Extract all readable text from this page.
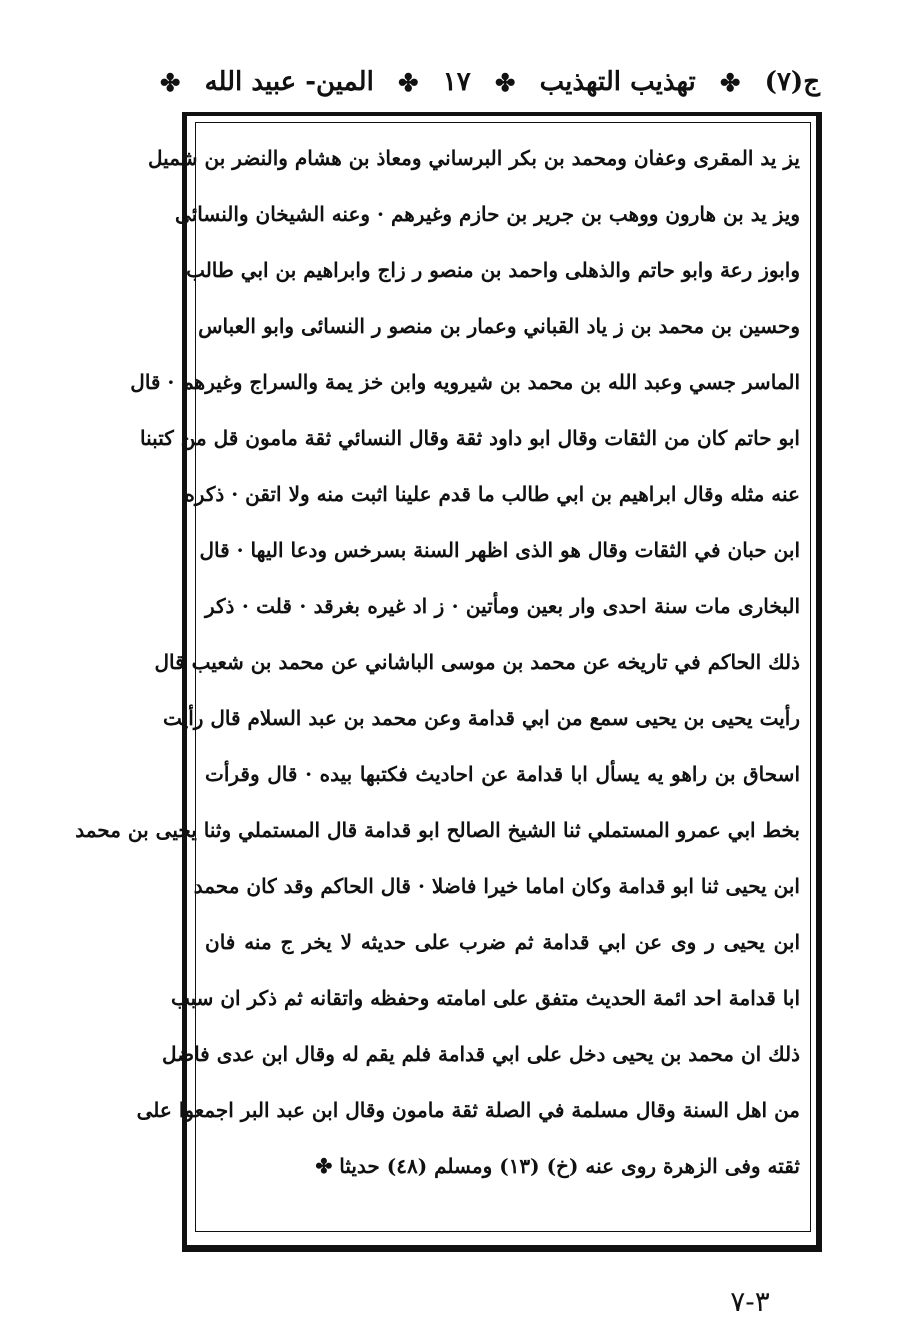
ج(٧)
✤
تهذيب التهذيب
✤
١٧
✤
المين- عبيد الله
✤
يز يد المقرى وعفان ومحمد بن بكر البرساني ومعاذ بن هشام والنضر بن شميل
ويز يد بن هارون ووهب بن جرير بن حازم وغيرهم · وعنه الشيخان والنسائى
وابوز رعة وابو حاتم والذهلى واحمد بن منصو ر زاج وابراهيم بن ابي طالب
وحسين بن محمد بن ز ياد القباني وعمار بن منصو ر النسائى وابو العباس
الماسر جسي وعبد الله بن محمد بن شيرويه وابن خز يمة والسراج وغيرهم · قال
ابو حاتم كان من الثقات وقال ابو داود ثقة وقال النسائي ثقة مامون قل من كتبنا
عنه مثله وقال ابراهيم بن ابي طالب ما قدم علينا اثبت منه ولا اتقن · ذكره
ابن حبان في الثقات وقال هو الذى اظهر السنة بسرخس ودعا اليها · قال
البخارى مات سنة احدى وار بعين ومأتين · ز اد غيره بغرقد · قلت · ذكر
ذلك الحاكم في تاريخه عن محمد بن موسى الباشاني عن محمد بن شعيب قال
رأيت يحيى بن يحيى سمع من ابي قدامة وعن محمد بن عبد السلام قال رأيت
اسحاق بن راهو يه يسأل ابا قدامة عن احاديث فكتبها بيده · قال وقرأت
بخط ابي عمرو المستملي ثنا الشيخ الصالح ابو قدامة قال المستملي وثنا يحيى بن محمد
ابن يحيى ثنا ابو قدامة وكان اماما خيرا فاضلا · قال الحاكم وقد كان محمد
ابن يحيى ر وى عن ابي قدامة ثم ضرب على حديثه لا يخر ج منه فان
ابا قدامة احد ائمة الحديث متفق على امامته وحفظه واتقانه ثم ذكر ان سبب
ذلك ان محمد بن يحيى دخل على ابي قدامة فلم يقم له وقال ابن عدى فاضل
من اهل السنة وقال مسلمة في الصلة ثقة مامون وقال ابن عبد البر اجمعوا على
ثقته وفى الزهرة روى عنه (خ) (١٣) ومسلم (٤٨) حديثا ✤
٣-٧
